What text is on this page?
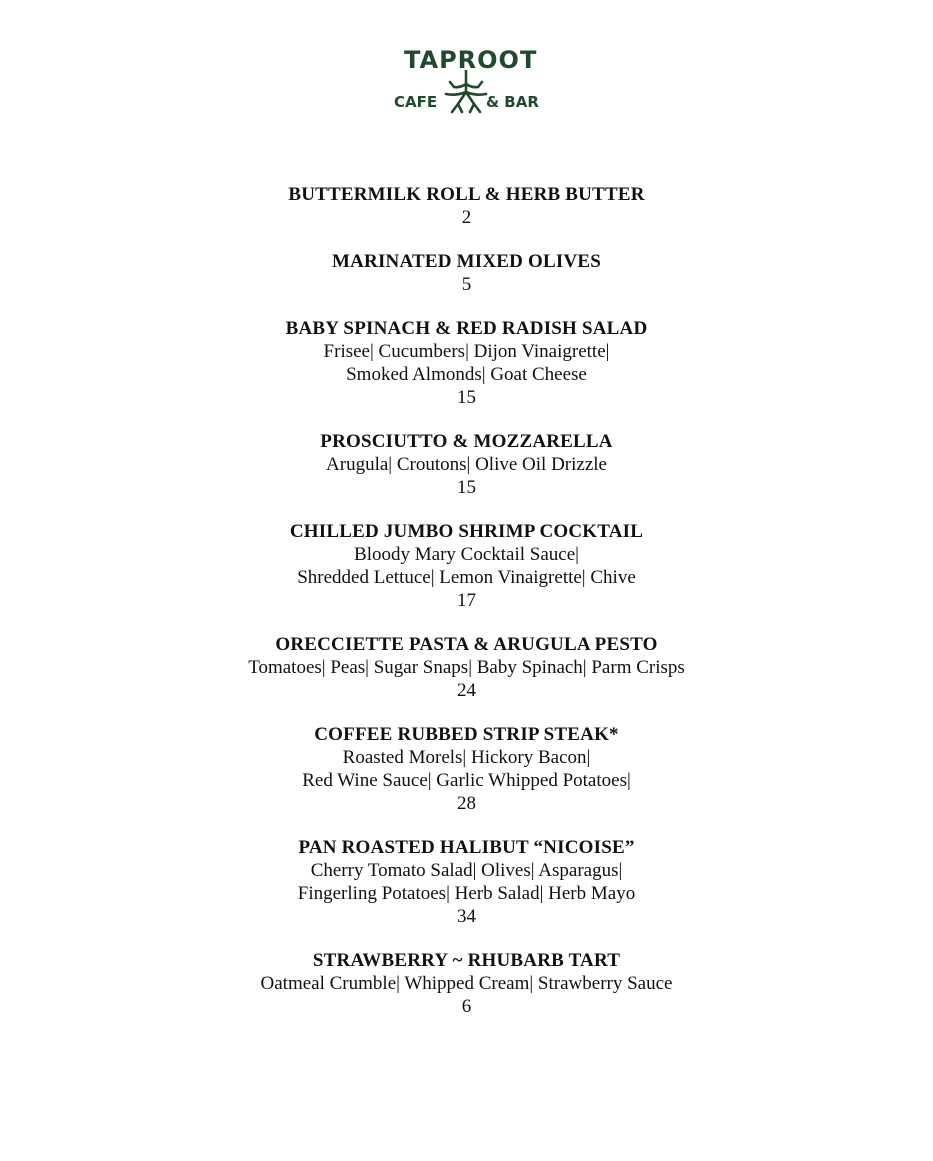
TAPROOT
CAFE	& BAR
BUTTERMILK ROLL & HERB BUTTER
2
MARINATED MIXED OLIVES
5
BABY SPINACH & RED RADISH SALAD
Frisee| Cucumbers| Dijon Vinaigrette|
Smoked Almonds| Goat Cheese
15
PROSCIUTTO & MOZZARELLA
Arugula| Croutons| Olive Oil Drizzle
15
CHILLED JUMBO SHRIMP COCKTAIL
Bloody Mary Cocktail Sauce|
Shredded Lettuce| Lemon Vinaigrette| Chive
17
ORECCIETTE PASTA & ARUGULA PESTO
Tomatoes| Peas| Sugar Snaps| Baby Spinach| Parm Crisps
24
COFFEE RUBBED STRIP STEAK*
Roasted Morels| Hickory Bacon|
Red Wine Sauce| Garlic Whipped Potatoes|
28
PAN ROASTED HALIBUT “NICOISE”
Cherry Tomato Salad| Olives| Asparagus|
Fingerling Potatoes| Herb Salad| Herb Mayo
34
STRAWBERRY ~ RHUBARB TART
Oatmeal Crumble| Whipped Cream| Strawberry Sauce
6
